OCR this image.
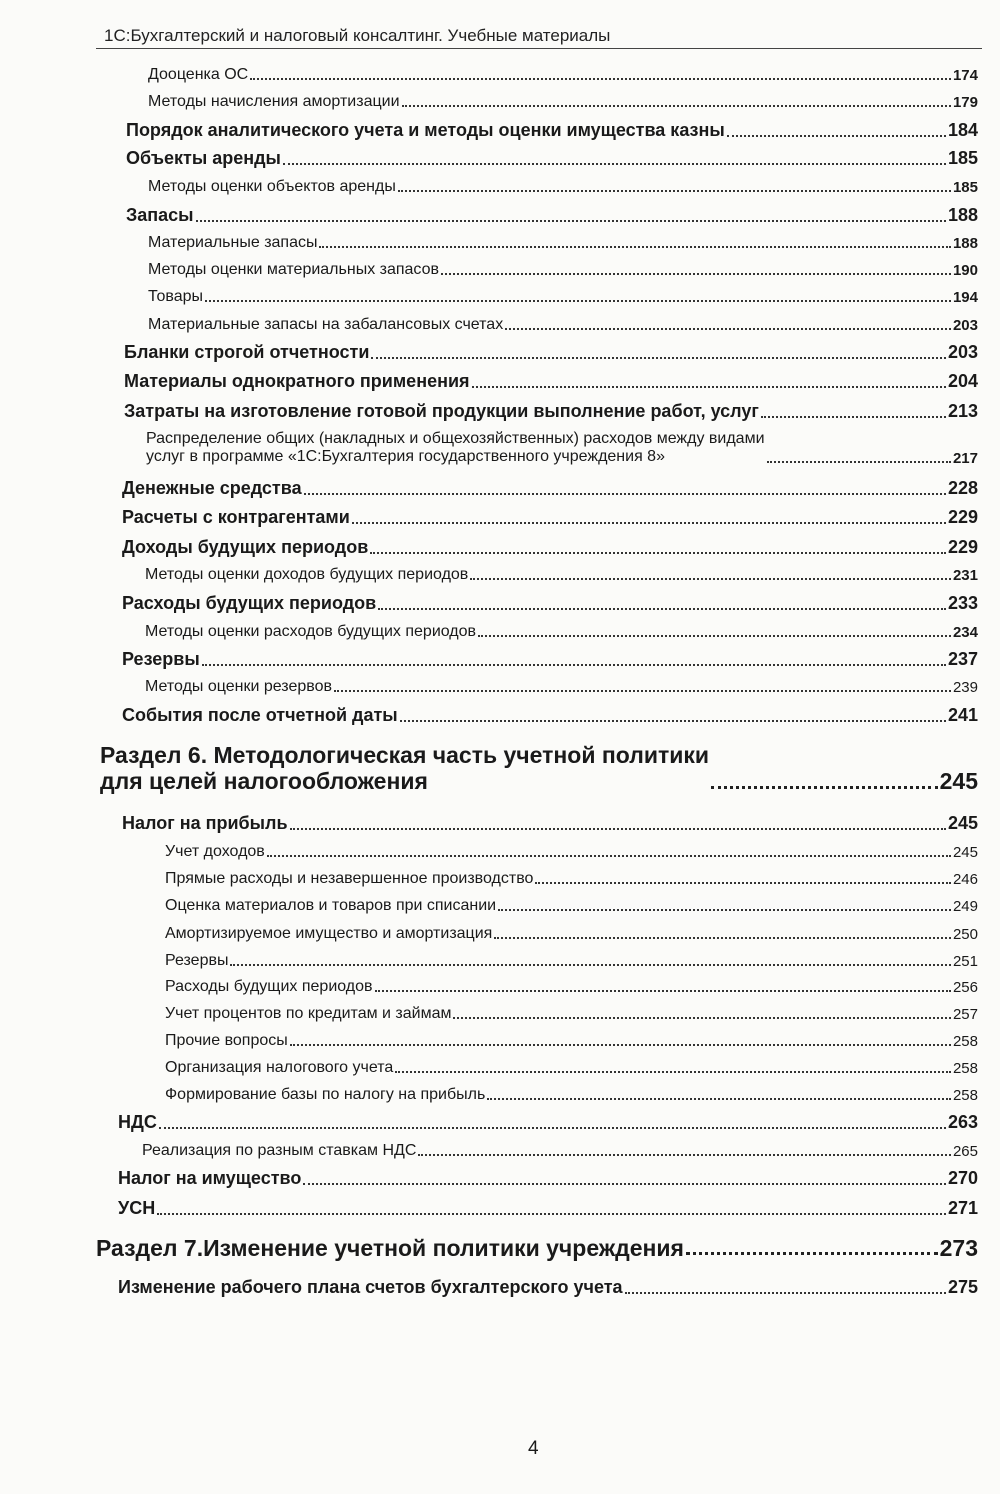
1С:Бухгалтерский и налоговый консалтинг. Учебные материалы
Дооценка ОС	174
Методы начисления амортизации	179
Порядок аналитического учета и методы оценки имущества казны	184
Объекты аренды	185
Методы оценки объектов аренды	185
Запасы	188
Материальные запасы	188
Методы оценки материальных запасов	190
Товары	194
Материальные запасы на забалансовых счетах	203
Бланки строгой отчетности	203
Материалы однократного применения	204
Затраты на изготовление готовой продукции выполнение работ, услуг	213
Распределение общих (накладных и общехозяйственных) расходов между видами
услуг в программе «1С:Бухгалтерия государственного учреждения 8»	217
Денежные средства	228
Расчеты с контрагентами	229
Доходы будущих периодов	229
Методы оценки доходов будущих периодов	231
Расходы будущих периодов	233
Методы оценки расходов будущих периодов	234
Резервы	237
Методы оценки резервов	239
События после отчетной даты	241
Раздел 6. Методологическая часть учетной политики
для целей налогообложения	245
Налог на прибыль	245
Учет доходов	245
Прямые расходы и незавершенное производство	246
Оценка материалов и товаров при списании	249
Амортизируемое имущество и амортизация	250
Резервы	251
Расходы будущих периодов	256
Учет процентов по кредитам и займам	257
Прочие вопросы	258
Организация налогового учета	258
Формирование базы по налогу на прибыль	258
НДС	263
Реализация по разным ставкам НДС	265
Налог на имущество	270
УСН	271
Раздел 7.Изменение учетной политики учреждения	273
Изменение рабочего плана счетов бухгалтерского учета	275
4
